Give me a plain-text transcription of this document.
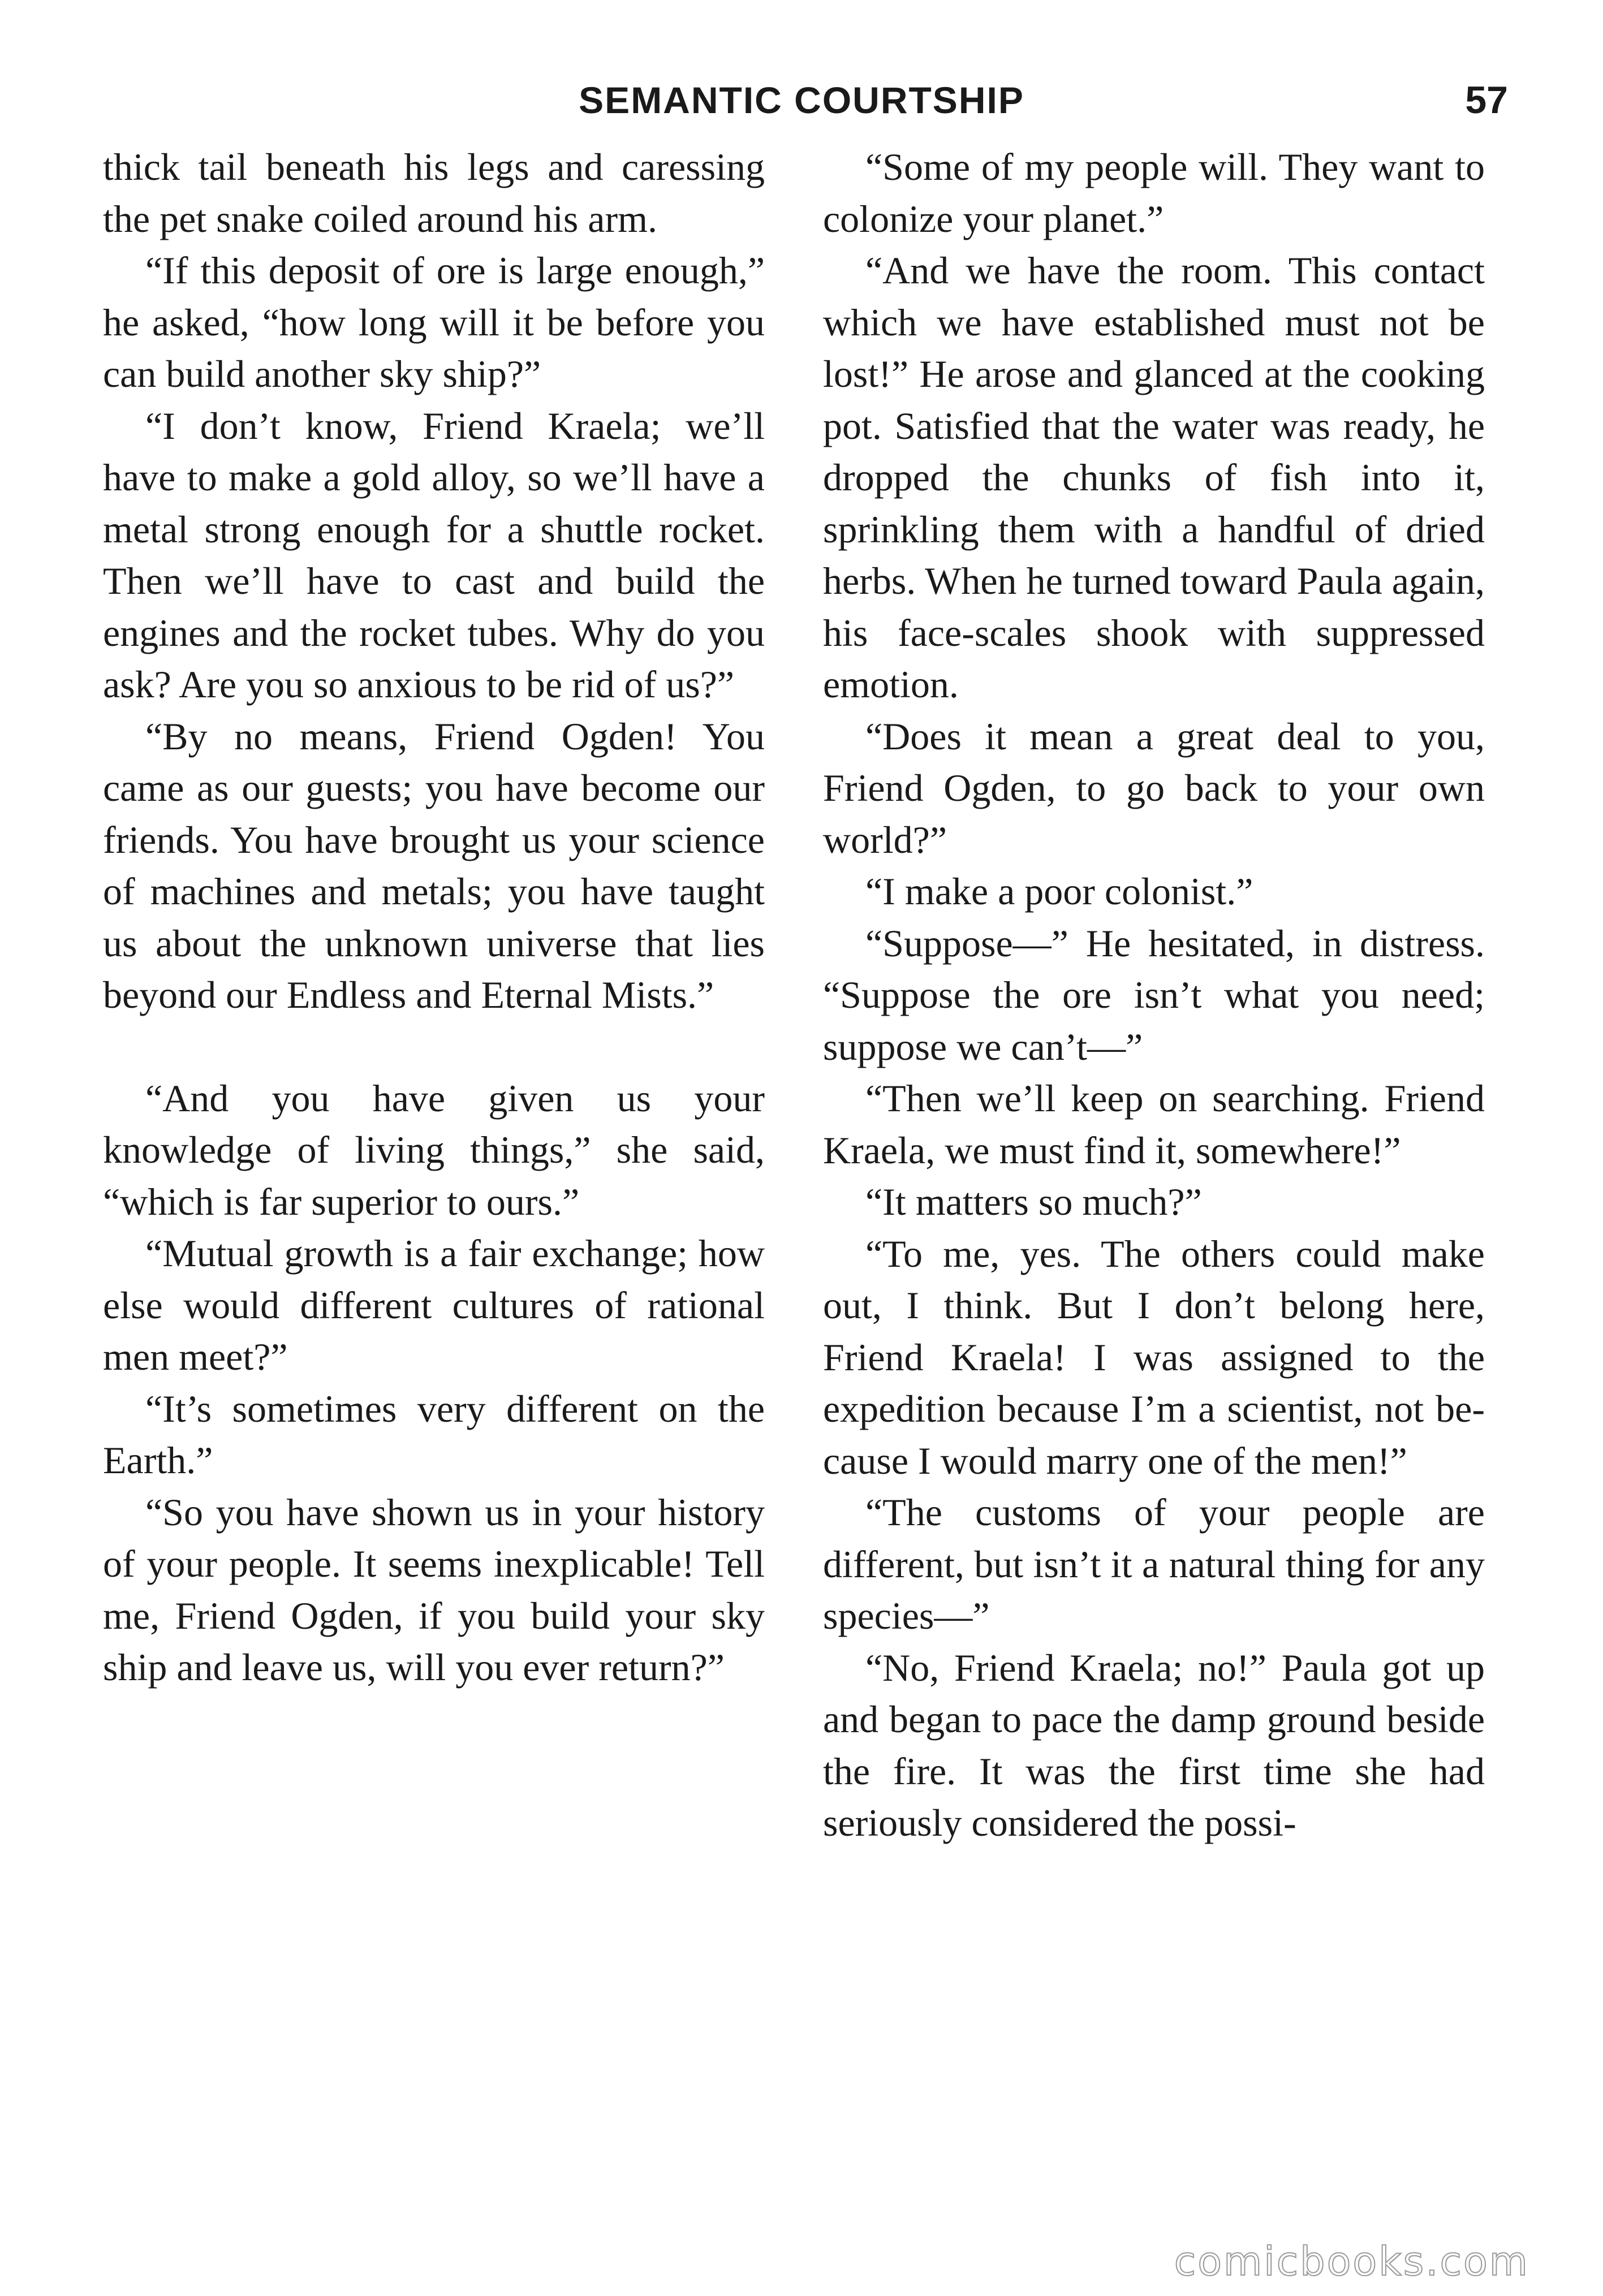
SEMANTIC COURTSHIP	57

thick tail beneath his legs and caressing the pet snake coiled around his arm.

“If this deposit of ore is large enough,” he asked, “how long will it be before you can build another sky ship?”

“I don’t know, Friend Kraela; we’ll have to make a gold alloy, so we’ll have a metal strong enough for a shuttle rocket. Then we’ll have to cast and build the engines and the rocket tubes. Why do you ask? Are you so anxious to be rid of us?”

“By no means, Friend Ogden! You came as our guests; you have become our friends. You have brought us your science of machines and metals; you have taught us about the unknown universe that lies beyond our Endless and Eternal Mists.”

“And you have given us your knowledge of living things,” she said, “which is far superior to ours.”

“Mutual growth is a fair exchange; how else would different cultures of rational men meet?”

“It’s sometimes very different on the Earth.”

“So you have shown us in your history of your people. It seems inexplicable! Tell me, Friend Ogden, if you build your sky ship and leave us, will you ever return?”

“Some of my people will. They want to colonize your planet.”

“And we have the room. This contact which we have established must not be lost!” He arose and glanced at the cooking pot. Satisfied that the water was ready, he dropped the chunks of fish into it, sprinkling them with a handful of dried herbs. When he turned toward Paula again, his face-scales shook with suppressed emotion.

“Does it mean a great deal to you, Friend Ogden, to go back to your own world?”

“I make a poor colonist.”

“Suppose—” He hesitated, in distress. “Suppose the ore isn’t what you need; suppose we can’t—”

“Then we’ll keep on searching. Friend Kraela, we must find it, somewhere!”

“It matters so much?”

“To me, yes. The others could make out, I think. But I don’t belong here, Friend Kraela! I was assigned to the expedition because I’m a scientist, not because I would marry one of the men!”

“The customs of your people are different, but isn’t it a natural thing for any species—”

“No, Friend Kraela; no!” Paula got up and began to pace the damp ground beside the fire. It was the first time she had seriously considered the possi-

comicbooks.com
